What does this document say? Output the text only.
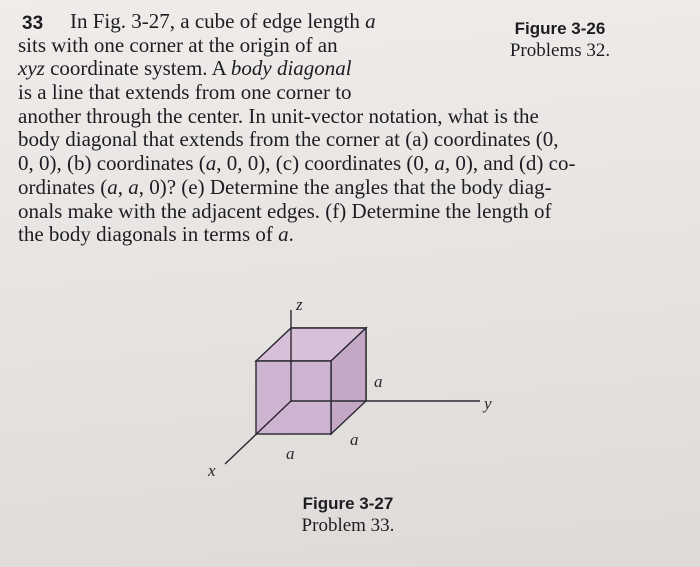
33	In Fig. 3-27, a cube of edge length a
sits with one corner at the origin of an
xyz coordinate system. A body diagonal
is a line that extends from one corner to
another through the center. In unit-vector notation, what is the
body diagonal that extends from the corner at (a) coordinates (0,
0, 0), (b) coordinates (a, 0, 0), (c) coordinates (0, a, 0), and (d) co-
ordinates (a, a, 0)? (e) Determine the angles that the body diag-
onals make with the adjacent edges. (f) Determine the length of
the body diagonals in terms of a.

Figure 3-26
Problems 32.
z
y
x
a
a
a
Figure 3-27
Problem 33.
